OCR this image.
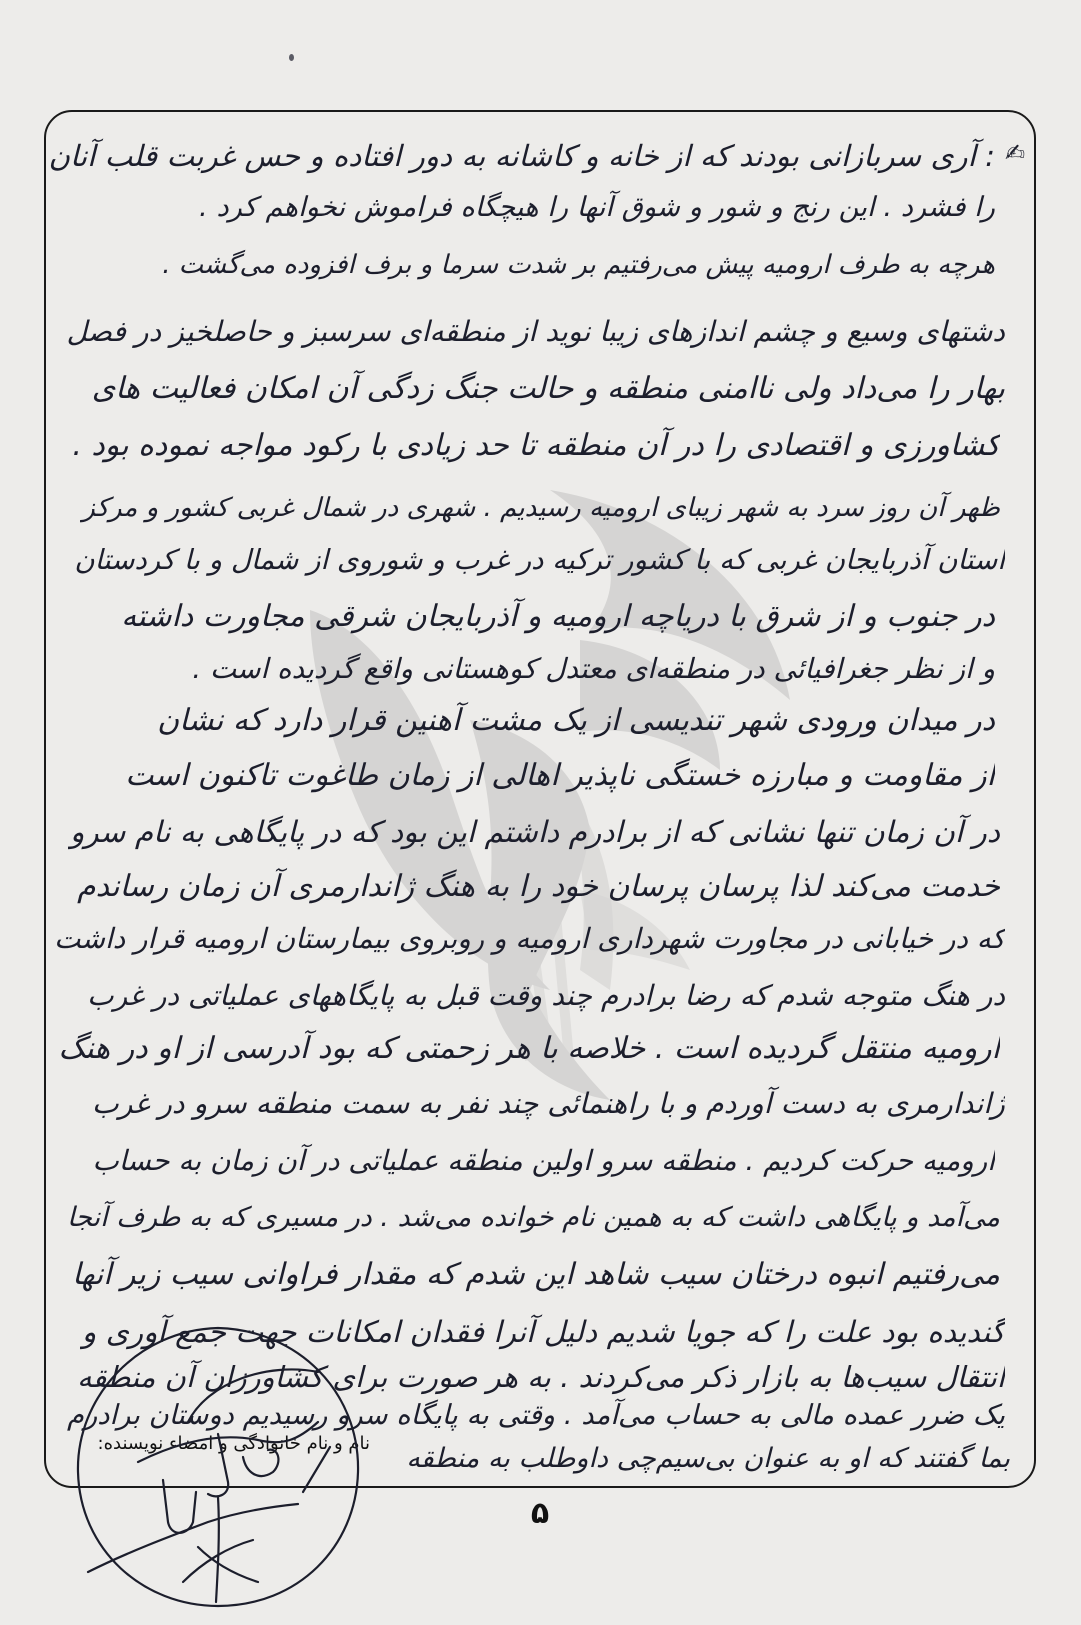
✍
: آری سربازانی بودند که از خانه و کاشانه به دور افتاده و حس غربت قلب آنان
را فشرد . این رنج و شور و شوق آنها را هیچگاه فراموش نخواهم کرد .
هرچه به طرف ارومیه پیش می‌رفتیم بر شدت سرما و برف افزوده می‌گشت .
دشتهای وسیع و چشم اندازهای زیبا نوید از منطقه‌ای سرسبز و حاصلخیز در فصل
بهار را می‌داد ولی ناامنی منطقه و حالت جنگ زدگی آن امکان فعالیت های
کشاورزی و اقتصادی را در آن منطقه تا حد زیادی با رکود مواجه نموده بود .
ظهر آن روز سرد به شهر زیبای ارومیه رسیدیم . شهری در شمال غربی کشور و مرکز
استان آذربایجان غربی که با کشور ترکیه در غرب و شوروی از شمال و با کردستان
در جنوب و از شرق با دریاچه ارومیه و آذربایجان شرقی مجاورت داشته
و از نظر جغرافیائی در منطقه‌ای معتدل کوهستانی واقع گردیده است .
در میدان ورودی شهر تندیسی از یک مشت آهنین قرار دارد که نشان
از مقاومت و مبارزه خستگی ناپذیر اهالی از زمان طاغوت تاکنون است
در آن زمان تنها نشانی که از برادرم داشتم این بود که در پایگاهی به نام سرو
خدمت می‌کند لذا پرسان پرسان خود را به هنگ ژاندارمری آن زمان رساندم
که در خیابانی در مجاورت شهرداری ارومیه و روبروی بیمارستان ارومیه قرار داشت
در هنگ متوجه شدم که رضا برادرم چند وقت قبل به پایگاههای عملیاتی در غرب
ارومیه منتقل گردیده است . خلاصه با هر زحمتی که بود آدرسی از او در هنگ
ژاندارمری به دست آوردم و با راهنمائی چند نفر به سمت منطقه سرو در غرب
ارومیه حرکت کردیم . منطقه سرو اولین منطقه عملیاتی در آن زمان به حساب
می‌آمد و پایگاهی داشت که به همین نام خوانده می‌شد . در مسیری که به طرف آنجا
می‌رفتیم انبوه درختان سیب شاهد این شدم که مقدار فراوانی سیب زیر آنها
گندیده بود علت را که جویا شدیم دلیل آنرا فقدان امکانات جهت جمع آوری و
انتقال سیب‌ها به بازار ذکر می‌کردند . به هر صورت برای کشاورزان آن منطقه
یک ضرر عمده مالی به حساب می‌آمد . وقتی به پایگاه سرو رسیدیم دوستان برادرم
بما گفتند که او به عنوان بی‌سیم‌چی داوطلب به منطقه
نام و نام خانوادگی و امضاء نویسنده:
۵
